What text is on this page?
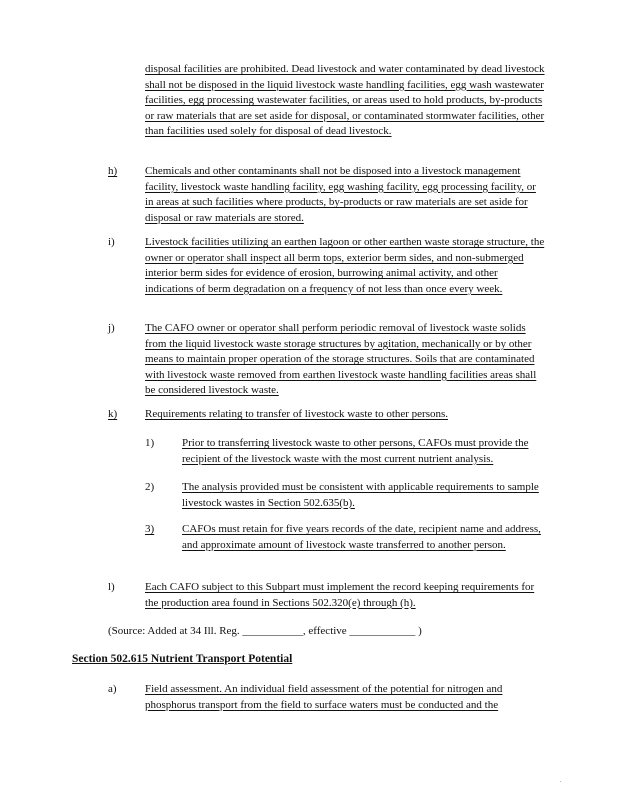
disposal facilities are prohibited. Dead livestock and water contaminated by dead livestock shall not be disposed in the liquid livestock waste handling facilities, egg wash wastewater facilities, egg processing wastewater facilities, or areas used to hold products, by-products or raw materials that are set aside for disposal, or contaminated stormwater facilities, other than facilities used solely for disposal of dead livestock.
h)	Chemicals and other contaminants shall not be disposed into a livestock management facility, livestock waste handling facility, egg washing facility, egg processing facility, or in areas at such facilities where products, by-products or raw materials are set aside for disposal or raw materials are stored.
i)	Livestock facilities utilizing an earthen lagoon or other earthen waste storage structure, the owner or operator shall inspect all berm tops, exterior berm sides, and non-submerged interior berm sides for evidence of erosion, burrowing animal activity, and other indications of berm degradation on a frequency of not less than once every week.
j)	The CAFO owner or operator shall perform periodic removal of livestock waste solids from the liquid livestock waste storage structures by agitation, mechanically or by other means to maintain proper operation of the storage structures. Soils that are contaminated with livestock waste removed from earthen livestock waste handling facilities areas shall be considered livestock waste.
k)	Requirements relating to transfer of livestock waste to other persons.
1)	Prior to transferring livestock waste to other persons, CAFOs must provide the recipient of the livestock waste with the most current nutrient analysis.
2)	The analysis provided must be consistent with applicable requirements to sample livestock wastes in Section 502.635(b).
3)	CAFOs must retain for five years records of the date, recipient name and address, and approximate amount of livestock waste transferred to another person.
l)	Each CAFO subject to this Subpart must implement the record keeping requirements for the production area found in Sections 502.320(e) through (h).
(Source: Added at 34 Ill. Reg. ___________, effective ____________ )
Section 502.615 Nutrient Transport Potential
a)	Field assessment. An individual field assessment of the potential for nitrogen and phosphorus transport from the field to surface waters must be conducted and the
.
